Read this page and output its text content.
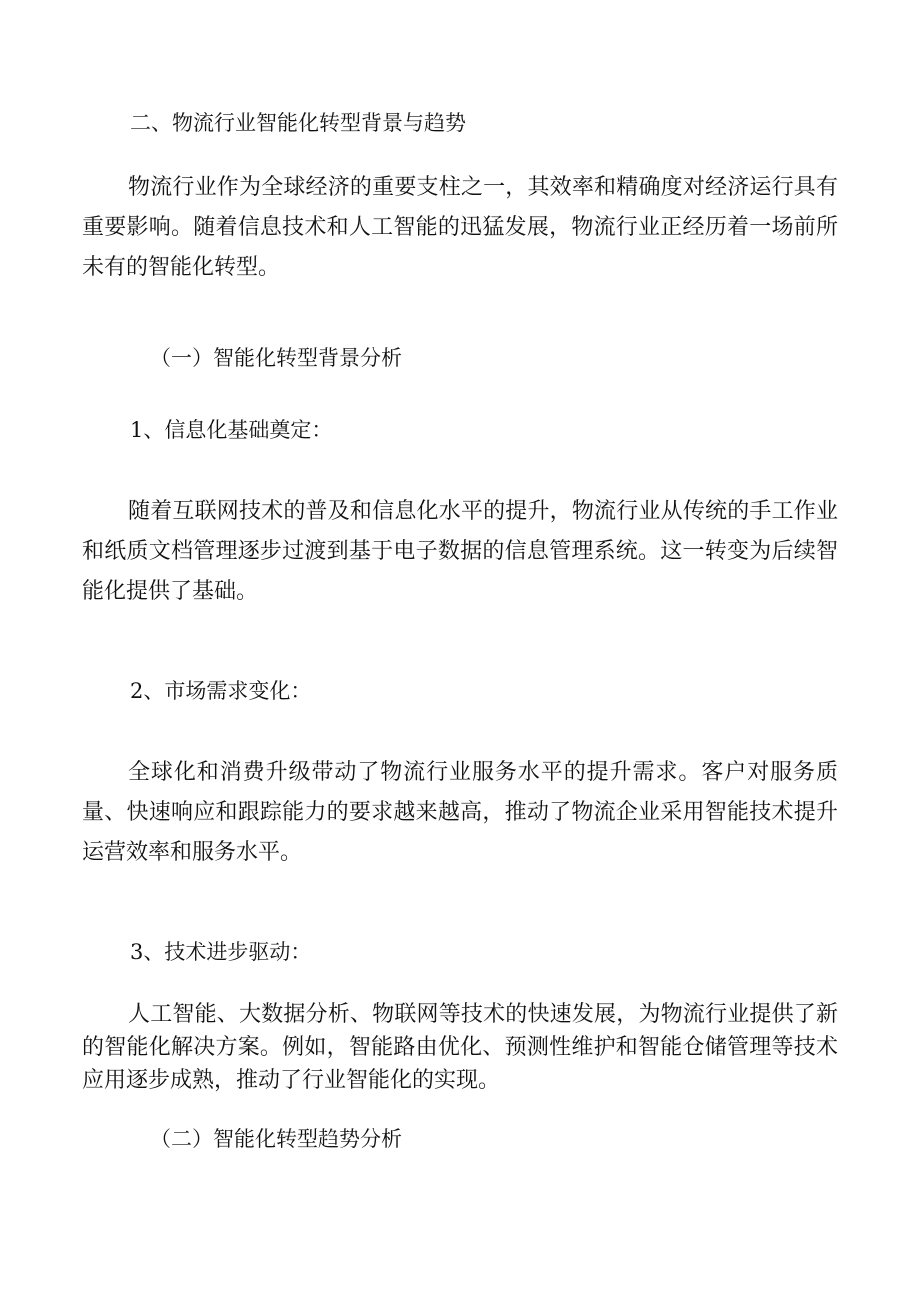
二、物流行业智能化转型背景与趋势
物流行业作为全球经济的重要支柱之一，其效率和精确度对经济运行具有重要影响。随着信息技术和人工智能的迅猛发展，物流行业正经历着一场前所未有的智能化转型。
（一）智能化转型背景分析
1、信息化基础奠定：
随着互联网技术的普及和信息化水平的提升，物流行业从传统的手工作业和纸质文档管理逐步过渡到基于电子数据的信息管理系统。这一转变为后续智能化提供了基础。
2、市场需求变化：
全球化和消费升级带动了物流行业服务水平的提升需求。客户对服务质量、快速响应和跟踪能力的要求越来越高，推动了物流企业采用智能技术提升运营效率和服务水平。
3、技术进步驱动：
人工智能、大数据分析、物联网等技术的快速发展，为物流行业提供了新的智能化解决方案。例如，智能路由优化、预测性维护和智能仓储管理等技术应用逐步成熟，推动了行业智能化的实现。
（二）智能化转型趋势分析
